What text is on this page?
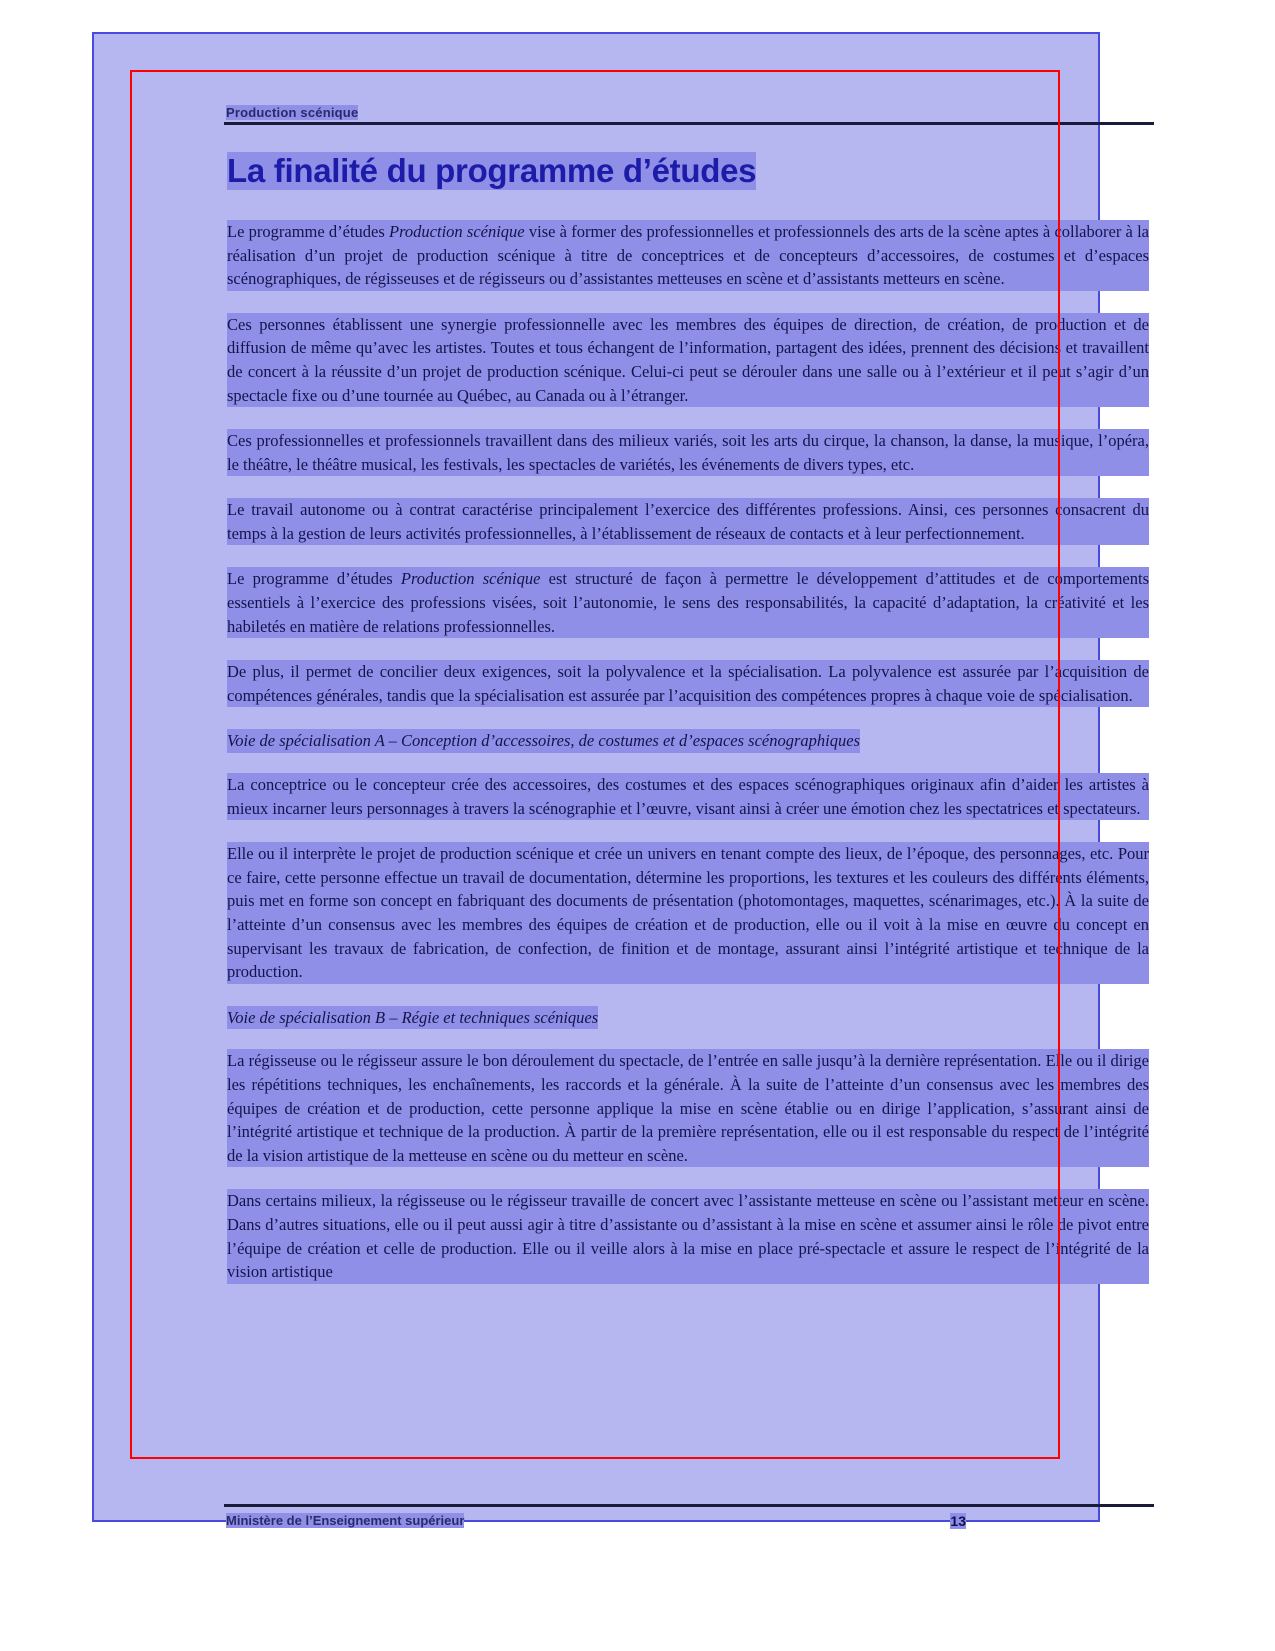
Production scénique
La finalité du programme d’études

Le programme d’études Production scénique vise à former des professionnelles et professionnels des arts de la scène aptes à collaborer à la réalisation d’un projet de production scénique à titre de conceptrices et de concepteurs d’accessoires, de costumes et d’espaces scénographiques, de régisseuses et de régisseurs ou d’assistantes metteuses en scène et d’assistants metteurs en scène.

Ces personnes établissent une synergie professionnelle avec les membres des équipes de direction, de création, de production et de diffusion de même qu’avec les artistes. Toutes et tous échangent de l’information, partagent des idées, prennent des décisions et travaillent de concert à la réussite d’un projet de production scénique. Celui-ci peut se dérouler dans une salle ou à l’extérieur et il peut s’agir d’un spectacle fixe ou d’une tournée au Québec, au Canada ou à l’étranger.

Ces professionnelles et professionnels travaillent dans des milieux variés, soit les arts du cirque, la chanson, la danse, la musique, l’opéra, le théâtre, le théâtre musical, les festivals, les spectacles de variétés, les événements de divers types, etc.

Le travail autonome ou à contrat caractérise principalement l’exercice des différentes professions. Ainsi, ces personnes consacrent du temps à la gestion de leurs activités professionnelles, à l’établissement de réseaux de contacts et à leur perfectionnement.

Le programme d’études Production scénique est structuré de façon à permettre le développement d’attitudes et de comportements essentiels à l’exercice des professions visées, soit l’autonomie, le sens des responsabilités, la capacité d’adaptation, la créativité et les habiletés en matière de relations professionnelles.

De plus, il permet de concilier deux exigences, soit la polyvalence et la spécialisation. La polyvalence est assurée par l’acquisition de compétences générales, tandis que la spécialisation est assurée par l’acquisition des compétences propres à chaque voie de spécialisation.

Voie de spécialisation A – Conception d’accessoires, de costumes et d’espaces scénographiques

La conceptrice ou le concepteur crée des accessoires, des costumes et des espaces scénographiques originaux afin d’aider les artistes à mieux incarner leurs personnages à travers la scénographie et l’œuvre, visant ainsi à créer une émotion chez les spectatrices et spectateurs.

Elle ou il interprète le projet de production scénique et crée un univers en tenant compte des lieux, de l’époque, des personnages, etc. Pour ce faire, cette personne effectue un travail de documentation, détermine les proportions, les textures et les couleurs des différents éléments, puis met en forme son concept en fabriquant des documents de présentation (photomontages, maquettes, scénarimages, etc.). À la suite de l’atteinte d’un consensus avec les membres des équipes de création et de production, elle ou il voit à la mise en œuvre du concept en supervisant les travaux de fabrication, de confection, de finition et de montage, assurant ainsi l’intégrité artistique et technique de la production.

Voie de spécialisation B – Régie et techniques scéniques

La régisseuse ou le régisseur assure le bon déroulement du spectacle, de l’entrée en salle jusqu’à la dernière représentation. Elle ou il dirige les répétitions techniques, les enchaînements, les raccords et la générale. À la suite de l’atteinte d’un consensus avec les membres des équipes de création et de production, cette personne applique la mise en scène établie ou en dirige l’application, s’assurant ainsi de l’intégrité artistique et technique de la production. À partir de la première représentation, elle ou il est responsable du respect de l’intégrité de la vision artistique de la metteuse en scène ou du metteur en scène.

Dans certains milieux, la régisseuse ou le régisseur travaille de concert avec l’assistante metteuse en scène ou l’assistant metteur en scène. Dans d’autres situations, elle ou il peut aussi agir à titre d’assistante ou d’assistant à la mise en scène et assumer ainsi le rôle de pivot entre l’équipe de création et celle de production. Elle ou il veille alors à la mise en place pré-spectacle et assure le respect de l’intégrité de la vision artistique

Ministère de l’Enseignement supérieur	13
